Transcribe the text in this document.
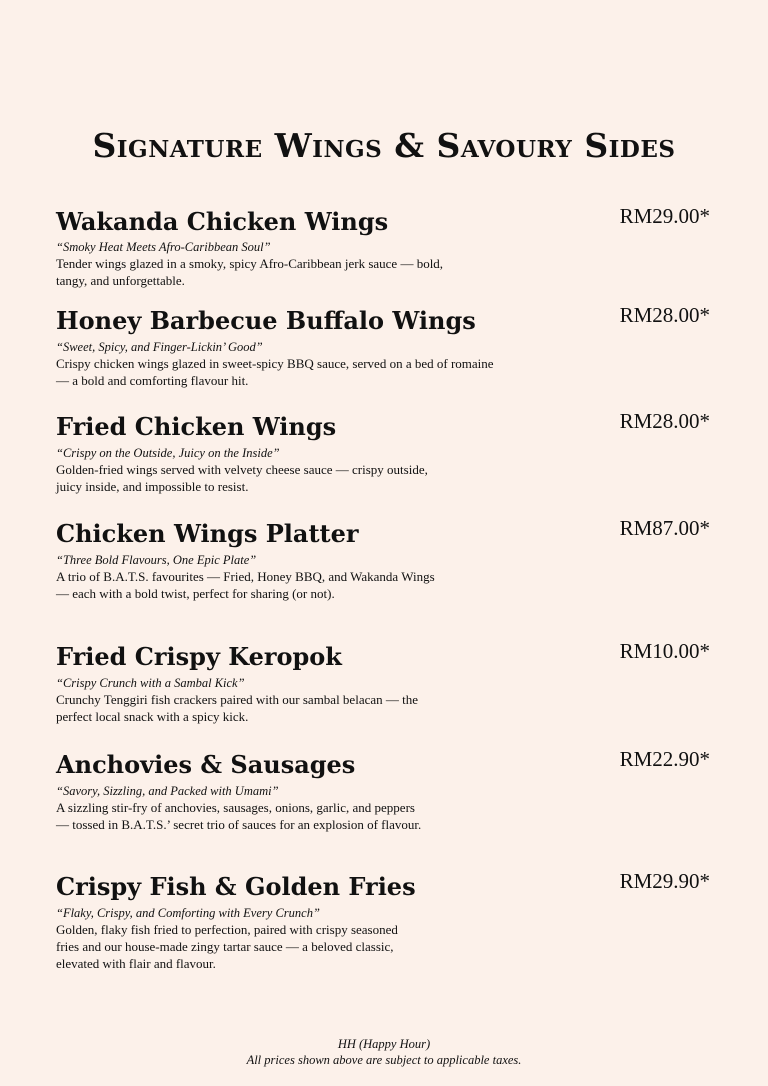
Signature Wings & Savoury Sides
Wakanda Chicken Wings	RM29.00*
“Smoky Heat Meets Afro-Caribbean Soul”
Tender wings glazed in a smoky, spicy Afro-Caribbean jerk sauce — bold, tangy, and unforgettable.
Honey Barbecue Buffalo Wings	RM28.00*
“Sweet, Spicy, and Finger-Lickin’ Good”
Crispy chicken wings glazed in sweet-spicy BBQ sauce, served on a bed of romaine — a bold and comforting flavour hit.
Fried Chicken Wings	RM28.00*
“Crispy on the Outside, Juicy on the Inside”
Golden-fried wings served with velvety cheese sauce — crispy outside, juicy inside, and impossible to resist.
Chicken Wings Platter	RM87.00*
“Three Bold Flavours, One Epic Plate”
A trio of B.A.T.S. favourites — Fried, Honey BBQ, and Wakanda Wings — each with a bold twist, perfect for sharing (or not).
Fried Crispy Keropok	RM10.00*
“Crispy Crunch with a Sambal Kick”
Crunchy Tenggiri fish crackers paired with our sambal belacan — the perfect local snack with a spicy kick.
Anchovies & Sausages	RM22.90*
“Savory, Sizzling, and Packed with Umami”
A sizzling stir-fry of anchovies, sausages, onions, garlic, and peppers — tossed in B.A.T.S.’ secret trio of sauces for an explosion of flavour.
Crispy Fish & Golden Fries	RM29.90*
“Flaky, Crispy, and Comforting with Every Crunch”
Golden, flaky fish fried to perfection, paired with crispy seasoned fries and our house-made zingy tartar sauce — a beloved classic, elevated with flair and flavour.
HH (Happy Hour)
All prices shown above are subject to applicable taxes.
